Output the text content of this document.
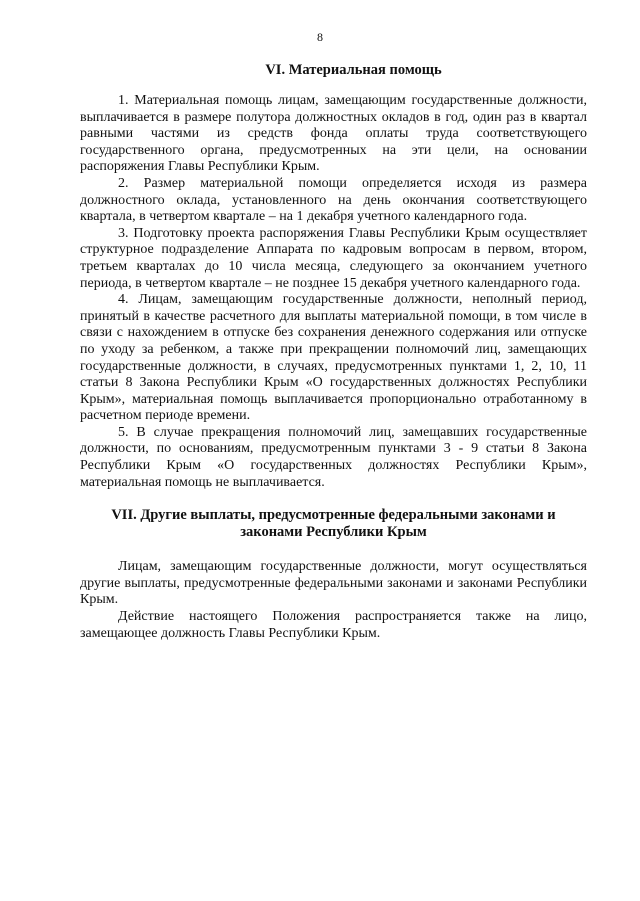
8
VI. Материальная помощь

1. Материальная помощь лицам, замещающим государственные должности, выплачивается в размере полутора должностных окладов в год, один раз в квартал равными частями из средств фонда оплаты труда соответствующего государственного органа, предусмотренных на эти цели, на основании распоряжения Главы Республики Крым.

2. Размер материальной помощи определяется исходя из размера должностного оклада, установленного на день окончания соответствующего квартала, в четвертом квартале – на 1 декабря учетного календарного года.

3. Подготовку проекта распоряжения Главы Республики Крым осуществляет структурное подразделение Аппарата по кадровым вопросам в первом, втором, третьем кварталах до 10 числа месяца, следующего за окончанием учетного периода, в четвертом квартале – не позднее 15 декабря учетного календарного года.

4. Лицам, замещающим государственные должности, неполный период, принятый в качестве расчетного для выплаты материальной помощи, в том числе в связи с нахождением в отпуске без сохранения денежного содержания или отпуске по уходу за ребенком, а также при прекращении полномочий лиц, замещающих государственные должности, в случаях, предусмотренных пунктами 1, 2, 10, 11 статьи 8 Закона Республики Крым «О государственных должностях Республики Крым», материальная помощь выплачивается пропорционально отработанному в расчетном периоде времени.

5. В случае прекращения полномочий лиц, замещавших государственные должности, по основаниям, предусмотренным пунктами 3 - 9 статьи 8 Закона Республики Крым «О государственных должностях Республики Крым», материальная помощь не выплачивается.

VII. Другие выплаты, предусмотренные федеральными законами и
законами Республики Крым

Лицам, замещающим государственные должности, могут осуществляться другие выплаты, предусмотренные федеральными законами и законами Республики Крым.

Действие настоящего Положения распространяется также на лицо, замещающее должность Главы Республики Крым.
